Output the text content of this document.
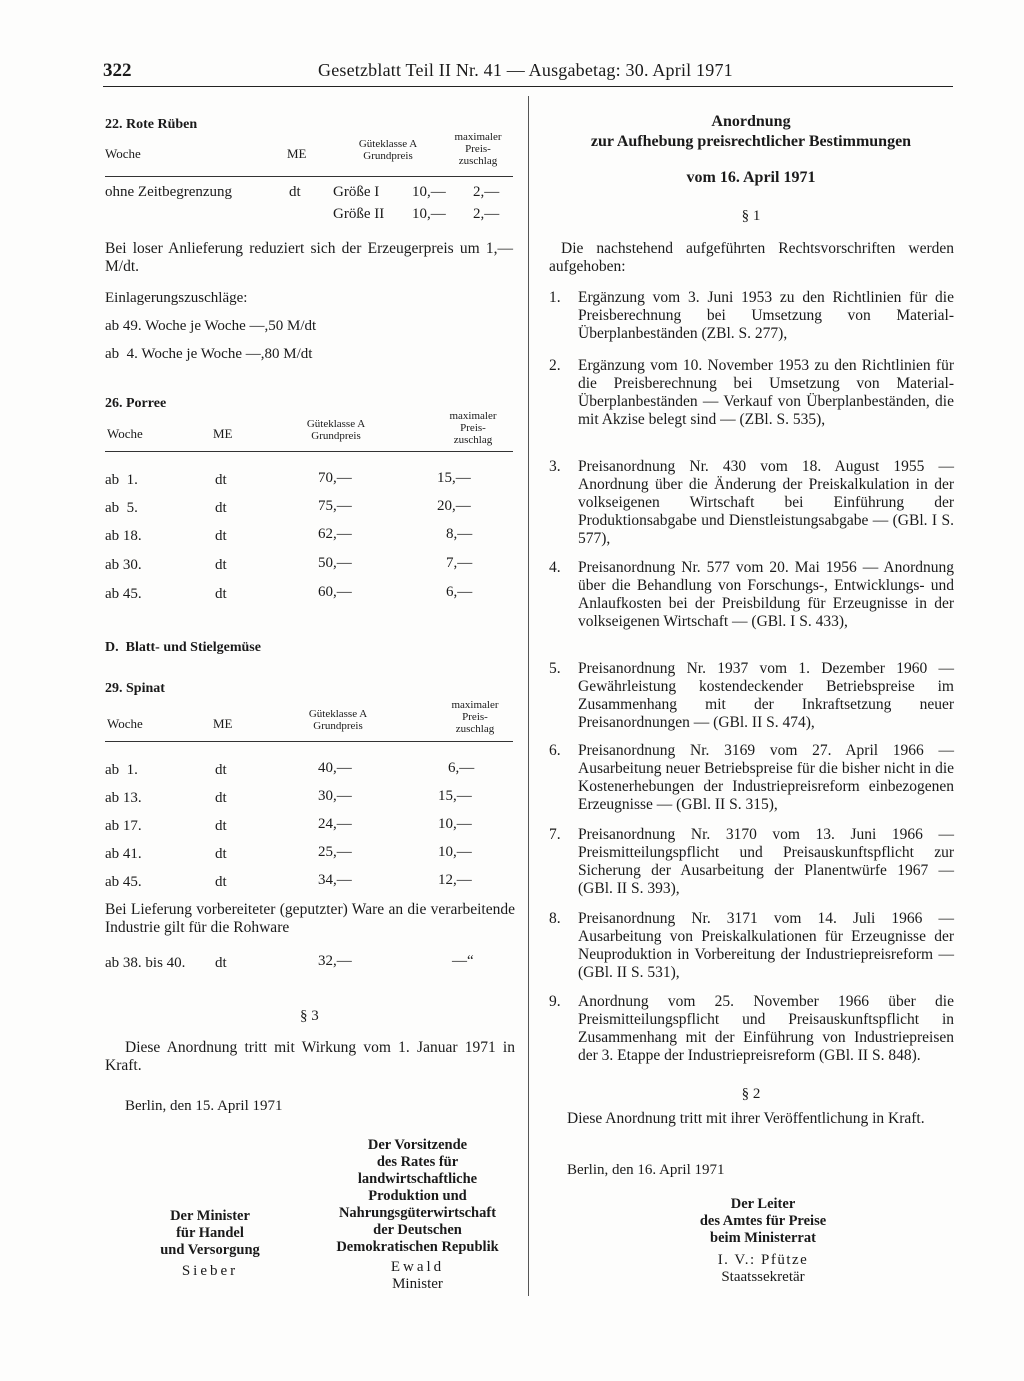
322	Gesetzblatt Teil II Nr. 41 — Ausgabetag: 30. April 1971
22. Rote Rüben
Woche	ME
Güteklasse A
Grundpreis
maximaler
Preis-
zuschlag
ohne Zeitbegrenzung	dt Größe I 10,— 2,—
Größe II 10,— 2,—
Bei loser Anlieferung reduziert sich der Erzeugerpreis um 1,— M/dt.
Einlagerungszuschläge:
ab 49. Woche je Woche —,50 M/dt
ab  4. Woche je Woche —,80 M/dt
26. Porree
Woche	ME
Güteklasse A
Grundpreis
maximaler
Preis-
zuschlag
ab  1.	dt	70,—	15,—
ab  5.	dt	75,—	20,—
ab 18.	dt	62,—	8,—
ab 30.	dt	50,—	7,—
ab 45.	dt	60,—	6,—
D.  Blatt- und Stielgemüse
29. Spinat
Woche	ME
Güteklasse A
Grundpreis
maximaler
Preis-
zuschlag
ab  1.	dt	40,—	6,—
ab 13.	dt	30,—	15,—
ab 17.	dt	24,—	10,—
ab 41.	dt	25,—	10,—
ab 45.	dt	34,—	12,—
Bei Lieferung vorbereiteter (geputzter) Ware an die verarbeitende Industrie gilt für die Rohware
ab 38. bis 40. dt	32,—	—“
§ 3
Diese Anordnung tritt mit Wirkung vom 1. Januar 1971 in Kraft.
Berlin, den 15. April 1971
Der Minister
für Handel
und Versorgung
Sieber
Der Vorsitzende
des Rates für
landwirtschaftliche
Produktion und
Nahrungsgüterwirtschaft
der Deutschen
Demokratischen Republik
Ewald
Minister
Anordnung
zur Aufhebung preisrechtlicher Bestimmungen
vom 16. April 1971
§ 1
Die nachstehend aufgeführten Rechtsvorschriften werden aufgehoben:
1. Ergänzung vom 3. Juni 1953 zu den Richtlinien für die Preisberechnung bei Umsetzung von Material-Überplanbeständen (ZBl. S. 277),
2. Ergänzung vom 10. November 1953 zu den Richtlinien für die Preisberechnung bei Umsetzung von Material-Überplanbeständen — Verkauf von Überplanbeständen, die mit Akzise belegt sind — (ZBl. S. 535),
3. Preisanordnung Nr. 430 vom 18. August 1955 — Anordnung über die Änderung der Preiskalkulation in der volkseigenen Wirtschaft bei Einführung der Produktionsabgabe und Dienstleistungsabgabe — (GBl. I S. 577),
4. Preisanordnung Nr. 577 vom 20. Mai 1956 — Anordnung über die Behandlung von Forschungs-, Entwicklungs- und Anlaufkosten bei der Preisbildung für Erzeugnisse in der volkseigenen Wirtschaft — (GBl. I S. 433),
5. Preisanordnung Nr. 1937 vom 1. Dezember 1960 — Gewährleistung kostendeckender Betriebspreise im Zusammenhang mit der Inkraftsetzung neuer Preisanordnungen — (GBl. II S. 474),
6. Preisanordnung Nr. 3169 vom 27. April 1966 — Ausarbeitung neuer Betriebspreise für die bisher nicht in die Kostenerhebungen der Industriepreisreform einbezogenen Erzeugnisse — (GBl. II S. 315),
7. Preisanordnung Nr. 3170 vom 13. Juni 1966 — Preismitteilungspflicht und Preisauskunftspflicht zur Sicherung der Ausarbeitung der Planentwürfe 1967 — (GBl. II S. 393),
8. Preisanordnung Nr. 3171 vom 14. Juli 1966 — Ausarbeitung von Preiskalkulationen für Erzeugnisse der Neuproduktion in Vorbereitung der Industriepreisreform — (GBl. II S. 531),
9. Anordnung vom 25. November 1966 über die Preismitteilungspflicht und Preisauskunftspflicht in Zusammenhang mit der Einführung von Industriepreisen der 3. Etappe der Industriepreisreform (GBl. II S. 848).
§ 2
Diese Anordnung tritt mit ihrer Veröffentlichung in Kraft.
Berlin, den 16. April 1971
Der Leiter
des Amtes für Preise
beim Ministerrat
I. V.: Pfütze
Staatssekretär
